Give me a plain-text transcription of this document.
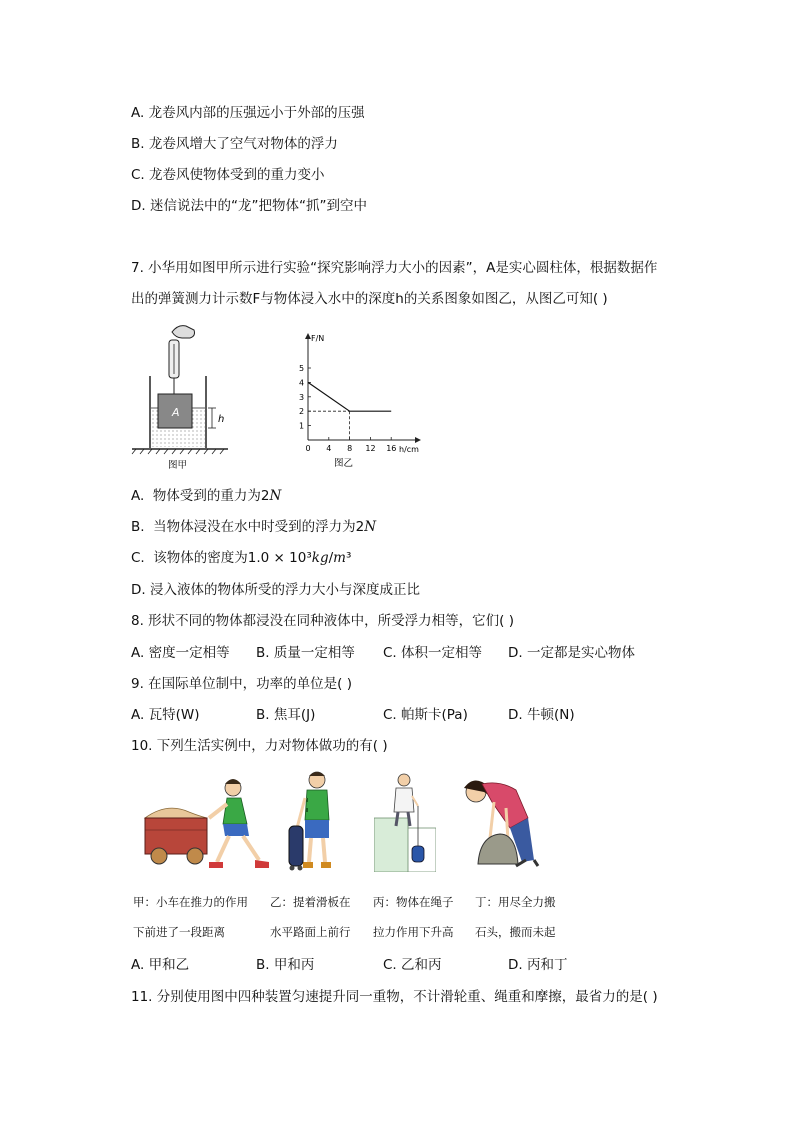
A. 龙卷风内部的压强远小于外部的压强
B. 龙卷风增大了空气对物体的浮力
C. 龙卷风使物体受到的重力变小
D. 迷信说法中的“龙”把物体“抓”到空中
7. 小华用如图甲所示进行实验“探究影响浮力大小的因素”，A是实心圆柱体，根据数据作
出的弹簧测力计示数F与物体浸入水中的深度h的关系图象如图乙，从图乙可知( )
A
h
图甲
F/N
h/cm
图乙
0 4 8 12 16
1
2
3
4
5
A.  物体受到的重力为2N
B.  当物体浸没在水中时受到的浮力为2N
C.  该物体的密度为1.0 × 10³kg/m³
D. 浸入液体的物体所受的浮力大小与深度成正比
8. 形状不同的物体都浸没在同种液体中，所受浮力相等，它们( )
A. 密度一定相等 B. 质量一定相等 C. 体积一定相等 D. 一定都是实心物体
9. 在国际单位制中，功率的单位是( )
A. 瓦特(W)	B. 焦耳(J)	C. 帕斯卡(Pa)	D. 牛顿(N)
10. 下列生活实例中，力对物体做功的有( )
甲：小车在推力的作用
下前进了一段距离
乙：提着滑板在
水平路面上前行
丙：物体在绳子
拉力作用下升高
丁：用尽全力搬
石头，搬而未起
A. 甲和乙	B. 甲和丙	C. 乙和丙	D. 丙和丁
11. 分别使用图中四种装置匀速提升同一重物，不计滑轮重、绳重和摩擦，最省力的是( )
